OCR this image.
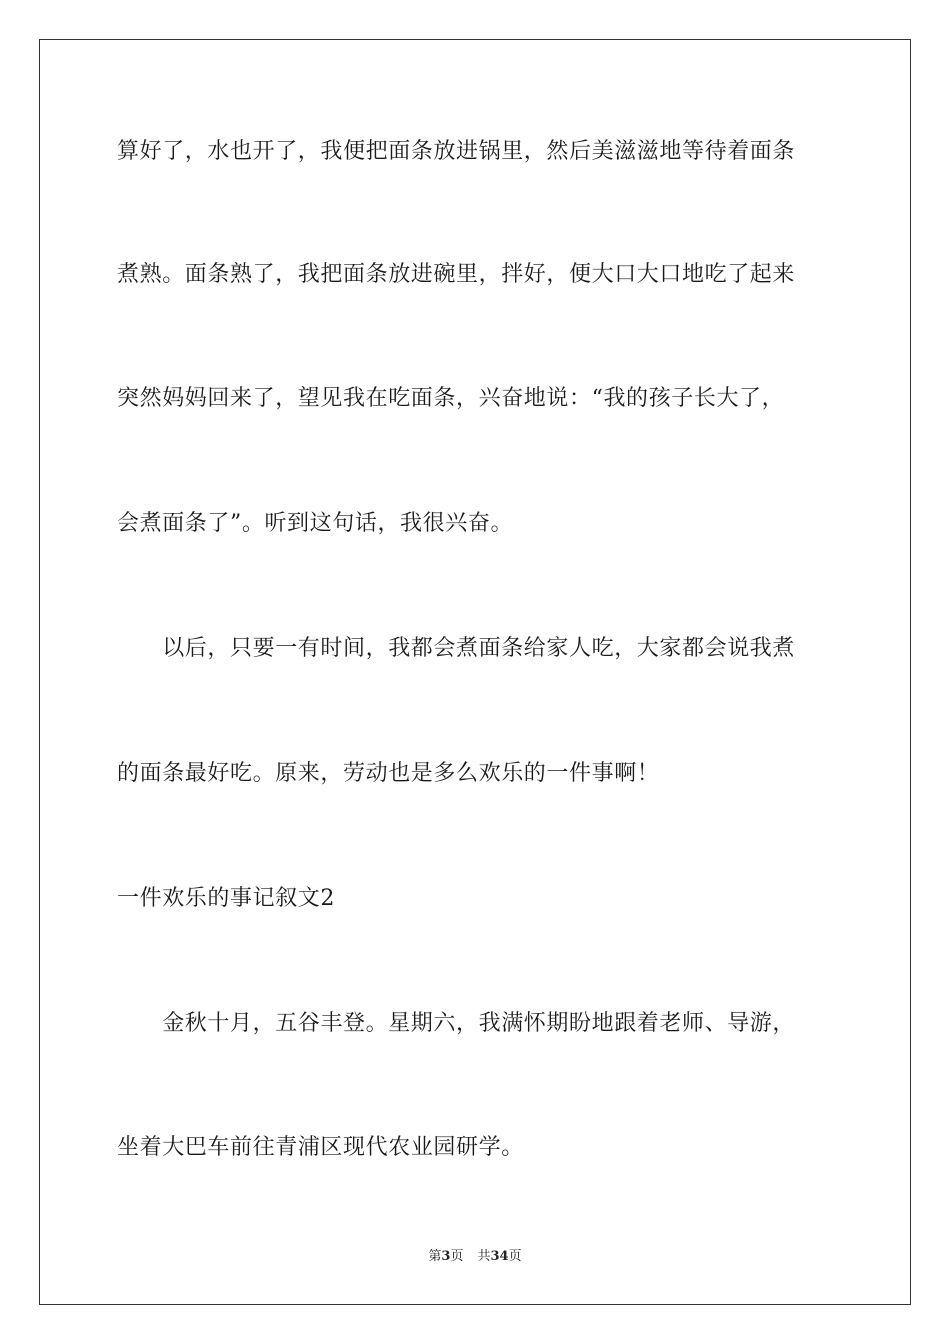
算好了，水也开了，我便把面条放进锅里，然后美滋滋地等待着面条
煮熟。面条熟了，我把面条放进碗里，拌好，便大口大口地吃了起来
突然妈妈回来了，望见我在吃面条，兴奋地说：“我的孩子长大了，
会煮面条了”。听到这句话，我很兴奋。
　　以后，只要一有时间，我都会煮面条给家人吃，大家都会说我煮
的面条最好吃。原来，劳动也是多么欢乐的一件事啊！
一件欢乐的事记叙文2
　　金秋十月，五谷丰登。星期六，我满怀期盼地跟着老师、导游，
坐着大巴车前往青浦区现代农业园研学。
第3页 共34页
